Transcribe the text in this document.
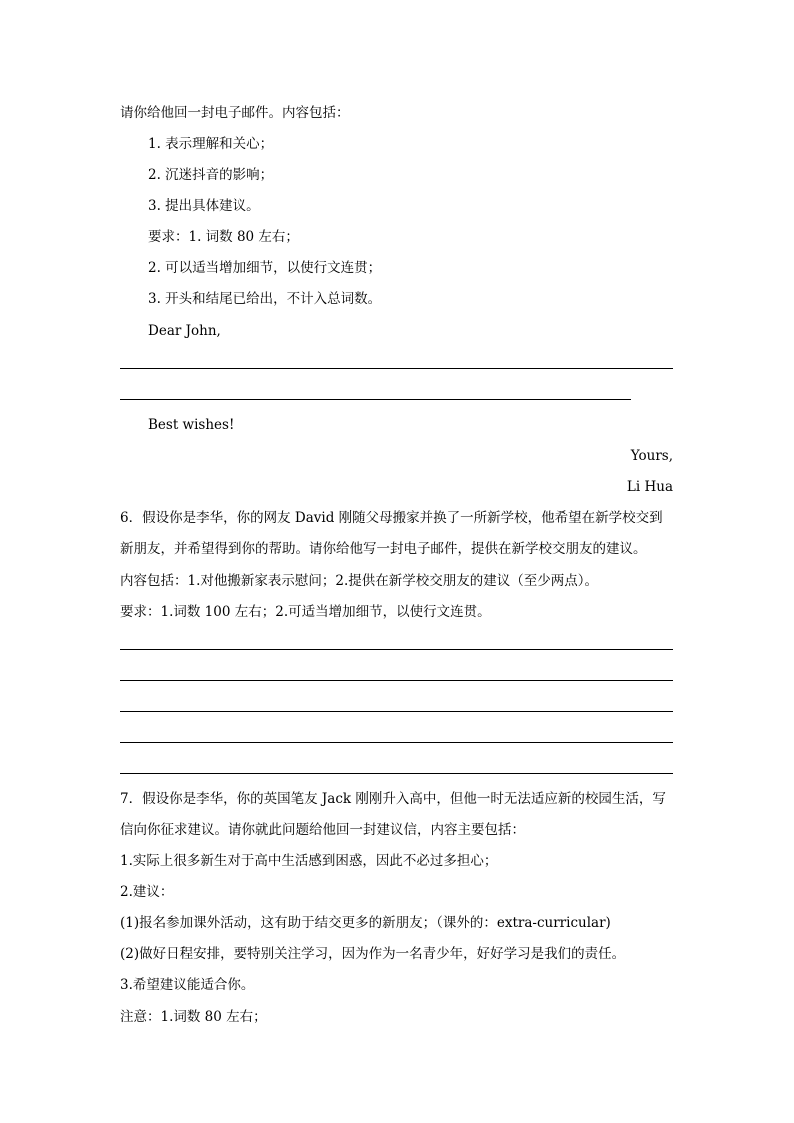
请你给他回一封电子邮件。内容包括：
1. 表示理解和关心；
2. 沉迷抖音的影响；
3. 提出具体建议。
要求：1. 词数 80 左右；
2. 可以适当增加细节，以使行文连贯；
3. 开头和结尾已给出，不计入总词数。
Dear John,
Best wishes!
Yours,
Li Hua
6．假设你是李华，你的网友 David 刚随父母搬家并换了一所新学校，他希望在新学校交到
新朋友，并希望得到你的帮助。请你给他写一封电子邮件，提供在新学校交朋友的建议。
内容包括：1.对他搬新家表示慰问；2.提供在新学校交朋友的建议（至少两点）。
要求：1.词数 100 左右；2.可适当增加细节，以使行文连贯。
7．假设你是李华，你的英国笔友 Jack 刚刚升入高中，但他一时无法适应新的校园生活，写
信向你征求建议。请你就此问题给他回一封建议信，内容主要包括：
1.实际上很多新生对于高中生活感到困惑，因此不必过多担心；
2.建议：
(1)报名参加课外活动，这有助于结交更多的新朋友；（课外的：extra-curricular)
(2)做好日程安排，要特别关注学习，因为作为一名青少年，好好学习是我们的责任。
3.希望建议能适合你。
注意：1.词数 80 左右；
